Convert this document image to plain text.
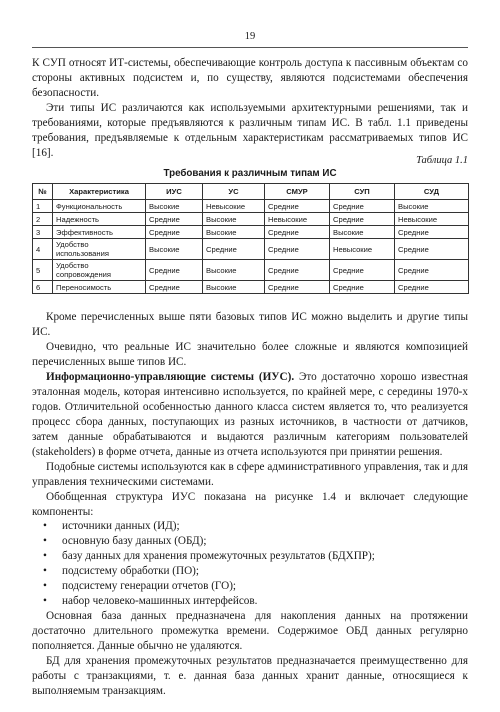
19

К СУП относят ИТ-системы, обеспечивающие контроль доступа к пассивным объектам со стороны активных подсистем и, по существу, являются подсистемами обеспечения безопасности.

Эти типы ИС различаются как используемыми архитектурными решениями, так и требованиями, которые предъявляются к различным типам ИС. В табл. 1.1 приведены требования, предъявляемые к отдельным характеристикам рассматриваемых типов ИС [16].

Таблица 1.1
Требования к различным типам ИС
№	Характеристика	ИУС	УС	СМУР	СУП	СУД
1	Функциональность	Высокие	Невысокие	Средние	Средние	Высокие
2	Надежность	Средние	Высокие	Невысокие	Средние	Невысокие
3	Эффективность	Средние	Высокие	Средние	Высокие	Средние
4	Удобство использования	Высокие	Средние	Средние	Невысокие	Средние
5	Удобство сопровождения	Средние	Высокие	Средние	Средние	Средние
6	Переносимость	Средние	Высокие	Средние	Средние	Средние

Кроме перечисленных выше пяти базовых типов ИС можно выделить и другие типы ИС.

Очевидно, что реальные ИС значительно более сложные и являются композицией перечисленных выше типов ИС.

Информационно-управляющие системы (ИУС). Это достаточно хорошо известная эталонная модель, которая интенсивно используется, по крайней мере, с середины 1970-х годов. Отличительной особенностью данного класса систем является то, что реализуется процесс сбора данных, поступающих из разных источников, в частности от датчиков, затем данные обрабатываются и выдаются различным категориям пользователей (stakeholders) в форме отчета, данные из отчета используются при принятии решения.

Подобные системы используются как в сфере административного управления, так и для управления техническими системами.

Обобщенная структура ИУС показана на рисунке 1.4 и включает следующие компоненты:

• источники данных (ИД);
• основную базу данных (ОБД);
• базу данных для хранения промежуточных результатов (БДХПР);
• подсистему обработки (ПО);
• подсистему генерации отчетов (ГО);
• набор человеко-машинных интерфейсов.

Основная база данных предназначена для накопления данных на протяжении достаточно длительного промежутка времени. Содержимое ОБД данных регулярно пополняется. Данные обычно не удаляются.

БД для хранения промежуточных результатов предназначается преимущественно для работы с транзакциями, т. е. данная база данных хранит данные, относящиеся к выполняемым транзакциям.
